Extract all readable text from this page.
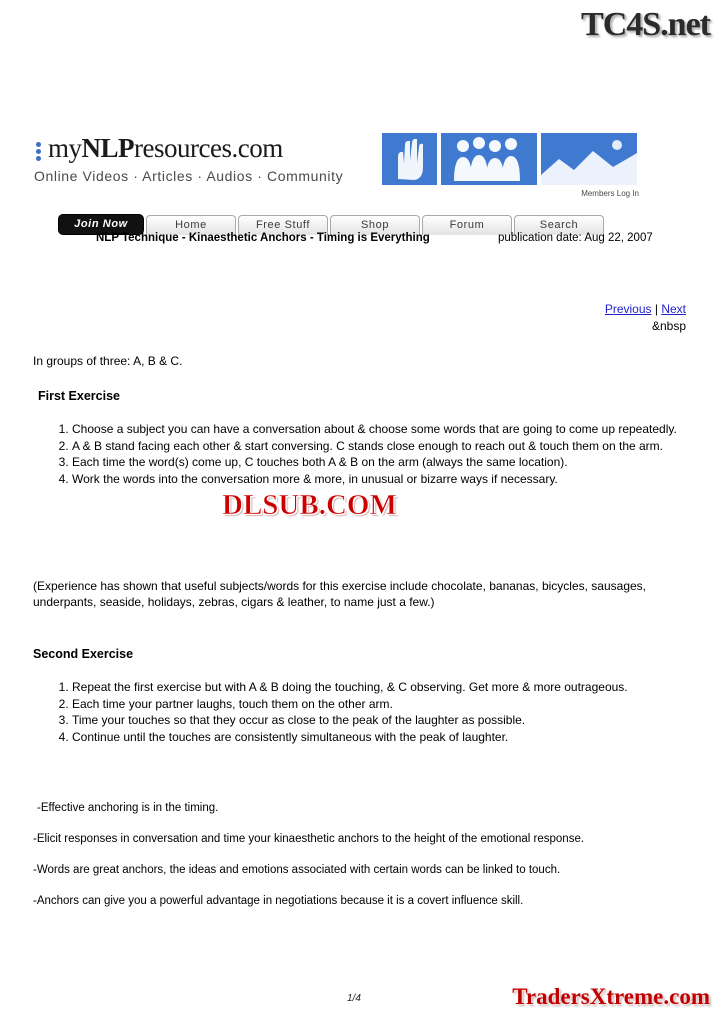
TC4S.net
myNLPresources.com
Online Videos · Articles · Audios · Community
Members Log In
Join Now	Home	Free Stuff	Shop	Forum	Search
NLP Technique - Kinaesthetic Anchors - Timing is Everything	publication date: Aug 22, 2007
Previous | Next
&nbsp
In groups of three: A, B & C.
First Exercise
1. Choose a subject you can have a conversation about & choose some words that are going to come up repeatedly.
2. A & B stand facing each other & start conversing. C stands close enough to reach out & touch them on the arm.
3. Each time the word(s) come up, C touches both A & B on the arm (always the same location).
4. Work the words into the conversation more & more, in unusual or bizarre ways if necessary.
(Experience has shown that useful subjects/words for this exercise include chocolate, bananas, bicycles, sausages, underpants, seaside, holidays, zebras, cigars & leather, to name just a few.)
Second Exercise
1. Repeat the first exercise but with A & B doing the touching, & C observing. Get more & more outrageous.
2. Each time your partner laughs, touch them on the other arm.
3. Time your touches so that they occur as close to the peak of the laughter as possible.
4. Continue until the touches are consistently simultaneous with the peak of laughter.

-Effective anchoring is in the timing.

-Elicit responses in conversation and time your kinaesthetic anchors to the height of the emotional response.

-Words are great anchors, the ideas and emotions associated with certain words can be linked to touch.

-Anchors can give you a powerful advantage in negotiations because it is a covert influence skill.

DLSUB.COM
1/4	TradersXtreme.com
